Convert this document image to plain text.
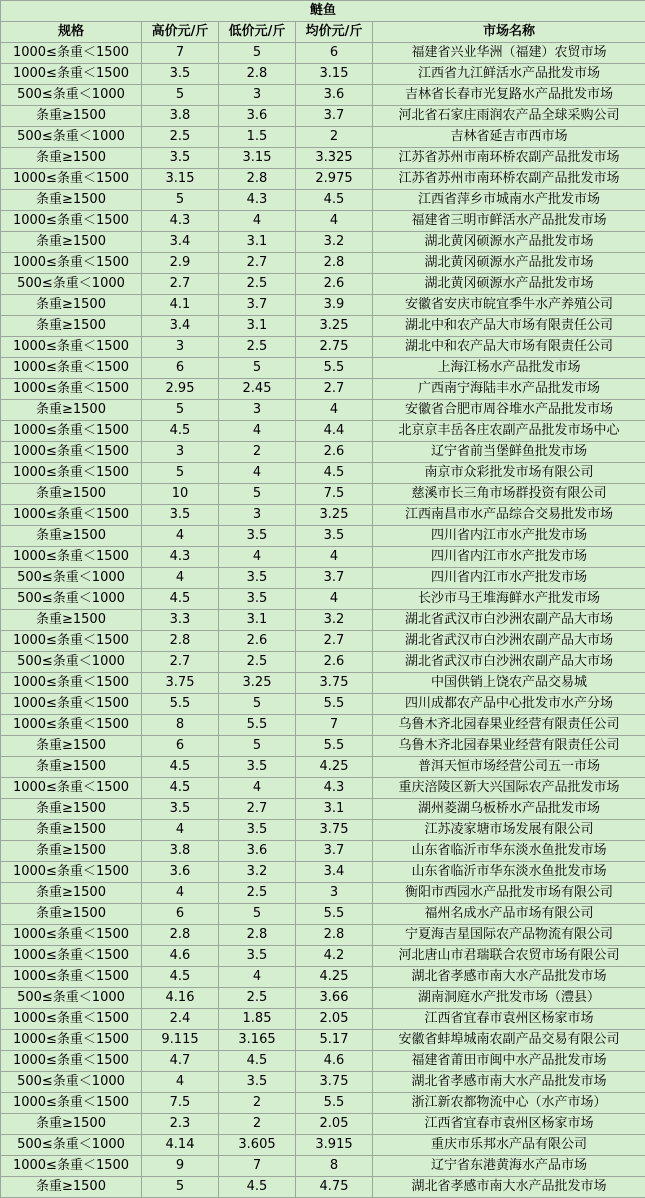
鲢鱼				
规格	高价元/斤	低价元/斤	均价元/斤	市场名称
1000≤条重＜1500	7	5	6	福建省兴业华洲（福建）农贸市场
1000≤条重＜1500	3.5	2.8	3.15	江西省九江鲜活水产品批发市场
500≤条重＜1000	5	3	3.6	吉林省长春市光复路水产品批发市场
条重≥1500	3.8	3.6	3.7	河北省石家庄雨润农产品全球采购公司
500≤条重＜1000	2.5	1.5	2	吉林省延吉市西市场
条重≥1500	3.5	3.15	3.325	江苏省苏州市南环桥农副产品批发市场
1000≤条重＜1500	3.15	2.8	2.975	江苏省苏州市南环桥农副产品批发市场
条重≥1500	5	4.3	4.5	江西省萍乡市城南水产批发市场
1000≤条重＜1500	4.3	4	4	福建省三明市鲜活水产品批发市场
条重≥1500	3.4	3.1	3.2	湖北黄冈硕源水产品批发市场
1000≤条重＜1500	2.9	2.7	2.8	湖北黄冈硕源水产品批发市场
500≤条重＜1000	2.7	2.5	2.6	湖北黄冈硕源水产品批发市场
条重≥1500	4.1	3.7	3.9	安徽省安庆市皖宜季牛水产养殖公司
条重≥1500	3.4	3.1	3.25	湖北中和农产品大市场有限责任公司
1000≤条重＜1500	3	2.5	2.75	湖北中和农产品大市场有限责任公司
1000≤条重＜1500	6	5	5.5	上海江杨水产品批发市场
1000≤条重＜1500	2.95	2.45	2.7	广西南宁海陆丰水产品批发市场
条重≥1500	5	3	4	安徽省合肥市周谷堆水产品批发市场
1000≤条重＜1500	4.5	4	4.4	北京京丰岳各庄农副产品批发市场中心
1000≤条重＜1500	3	2	2.6	辽宁省前当堡鲜鱼批发市场
1000≤条重＜1500	5	4	4.5	南京市众彩批发市场有限公司
条重≥1500	10	5	7.5	慈溪市长三角市场群投资有限公司
1000≤条重＜1500	3.5	3	3.25	江西南昌市水产品综合交易批发市场
条重≥1500	4	3.5	3.5	四川省内江市水产批发市场
1000≤条重＜1500	4.3	4	4	四川省内江市水产批发市场
500≤条重＜1000	4	3.5	3.7	四川省内江市水产批发市场
500≤条重＜1000	4.5	3.5	4	长沙市马王堆海鲜水产批发市场
条重≥1500	3.3	3.1	3.2	湖北省武汉市白沙洲农副产品大市场
1000≤条重＜1500	2.8	2.6	2.7	湖北省武汉市白沙洲农副产品大市场
500≤条重＜1000	2.7	2.5	2.6	湖北省武汉市白沙洲农副产品大市场
1000≤条重＜1500	3.75	3.25	3.75	中国供销上饶农产品交易城
1000≤条重＜1500	5.5	5	5.5	四川成都农产品中心批发市水产分场
1000≤条重＜1500	8	5.5	7	乌鲁木齐北园春果业经营有限责任公司
条重≥1500	6	5	5.5	乌鲁木齐北园春果业经营有限责任公司
条重≥1500	4.5	3.5	4.25	普洱天恒市场经营公司五一市场
1000≤条重＜1500	4.5	4	4.3	重庆涪陵区新大兴国际农产品批发市场
条重≥1500	3.5	2.7	3.1	湖州菱湖乌板桥水产品批发市场
条重≥1500	4	3.5	3.75	江苏凌家塘市场发展有限公司
条重≥1500	3.8	3.6	3.7	山东省临沂市华东淡水鱼批发市场
1000≤条重＜1500	3.6	3.2	3.4	山东省临沂市华东淡水鱼批发市场
条重≥1500	4	2.5	3	衡阳市西园水产品批发市场有限公司
条重≥1500	6	5	5.5	福州名成水产品市场有限公司
1000≤条重＜1500	2.8	2.8	2.8	宁夏海吉星国际农产品物流有限公司
1000≤条重＜1500	4.6	3.5	4.2	河北唐山市君瑞联合农贸市场有限公司
1000≤条重＜1500	4.5	4	4.25	湖北省孝感市南大水产品批发市场
500≤条重＜1000	4.16	2.5	3.66	湖南洞庭水产批发市场（澧县）
1000≤条重＜1500	2.4	1.85	2.05	江西省宜春市袁州区杨家市场
1000≤条重＜1500	9.115	3.165	5.17	安徽省蚌埠城南农副产品交易有限公司
1000≤条重＜1500	4.7	4.5	4.6	福建省莆田市闽中水产品批发市场
500≤条重＜1000	4	3.5	3.75	湖北省孝感市南大水产品批发市场
1000≤条重＜1500	7.5	2	5.5	浙江新农都物流中心（水产市场）
条重≥1500	2.3	2	2.05	江西省宜春市袁州区杨家市场
500≤条重＜1000	4.14	3.605	3.915	重庆市乐邦水产品有限公司
1000≤条重＜1500	9	7	8	辽宁省东港黄海水产品市场
条重≥1500	5	4.5	4.75	湖北省孝感市南大水产品批发市场
